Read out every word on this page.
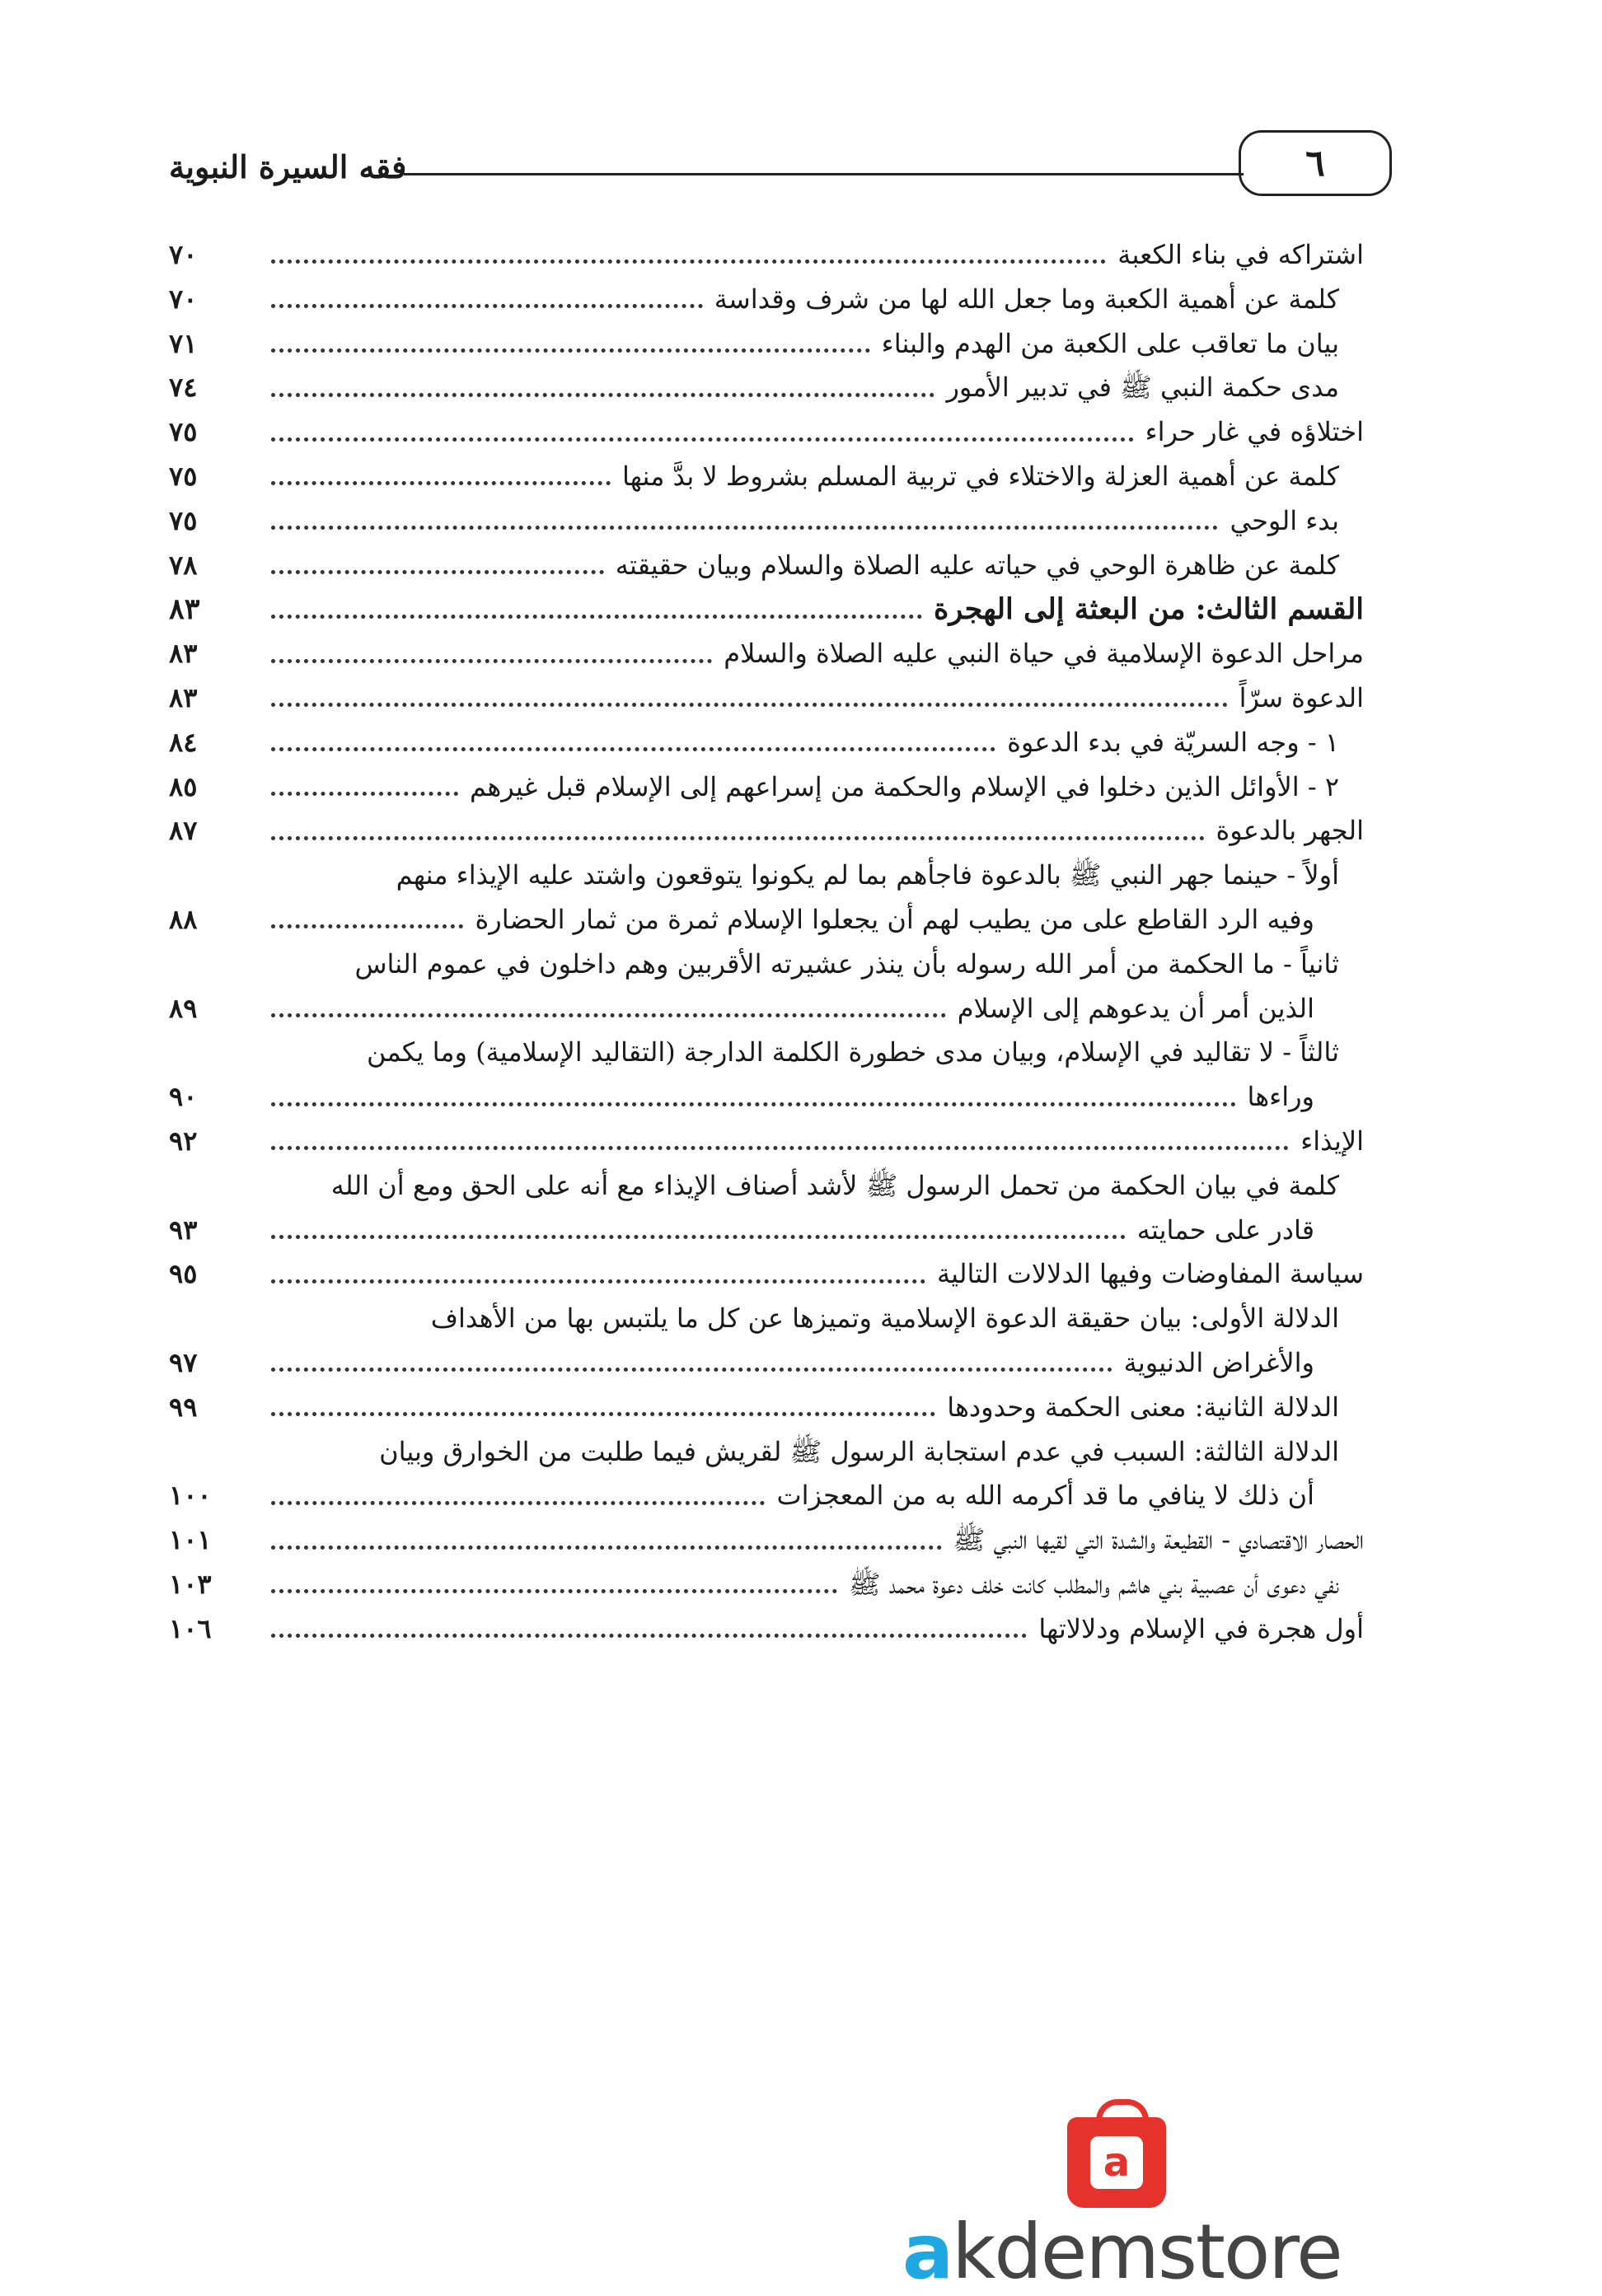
٦
فقه السيرة النبوية
اشتراكه في بناء الكعبة
٧٠
كلمة عن أهمية الكعبة وما جعل الله لها من شرف وقداسة
٧٠
بيان ما تعاقب على الكعبة من الهدم والبناء
٧١
مدى حكمة النبي ﷺ في تدبير الأمور
٧٤
اختلاؤه في غار حراء
٧٥
كلمة عن أهمية العزلة والاختلاء في تربية المسلم بشروط لا بدَّ منها
٧٥
بدء الوحي
٧٥
كلمة عن ظاهرة الوحي في حياته عليه الصلاة والسلام وبيان حقيقته
٧٨
القسم الثالث: من البعثة إلى الهجرة
٨٣
مراحل الدعوة الإسلامية في حياة النبي عليه الصلاة والسلام
٨٣
الدعوة سرّاً
٨٣
١ - وجه السريّة في بدء الدعوة
٨٤
٢ - الأوائل الذين دخلوا في الإسلام والحكمة من إسراعهم إلى الإسلام قبل غيرهم
٨٥
الجهر بالدعوة
٨٧
أولاً - حينما جهر النبي ﷺ بالدعوة فاجأهم بما لم يكونوا يتوقعون واشتد عليه الإيذاء منهم
وفيه الرد القاطع على من يطيب لهم أن يجعلوا الإسلام ثمرة من ثمار الحضارة
٨٨
ثانياً - ما الحكمة من أمر الله رسوله بأن ينذر عشيرته الأقربين وهم داخلون في عموم الناس
الذين أمر أن يدعوهم إلى الإسلام
٨٩
ثالثاً - لا تقاليد في الإسلام، وبيان مدى خطورة الكلمة الدارجة (التقاليد الإسلامية) وما يكمن
وراءها
٩٠
الإيذاء
٩٢
كلمة في بيان الحكمة من تحمل الرسول ﷺ لأشد أصناف الإيذاء مع أنه على الحق ومع أن الله
قادر على حمايته
٩٣
سياسة المفاوضات وفيها الدلالات التالية
٩٥
الدلالة الأولى: بيان حقيقة الدعوة الإسلامية وتميزها عن كل ما يلتبس بها من الأهداف
والأغراض الدنيوية
٩٧
الدلالة الثانية: معنى الحكمة وحدودها
٩٩
الدلالة الثالثة: السبب في عدم استجابة الرسول ﷺ لقريش فيما طلبت من الخوارق وبيان
أن ذلك لا ينافي ما قد أكرمه الله به من المعجزات
١٠٠
الحصار الاقتصادي - القطيعة والشدة التي لقيها النبي ﷺ
١٠١
نفي دعوى أن عصبية بني هاشم والمطلب كانت خلف دعوة محمد ﷺ
١٠٣
أول هجرة في الإسلام ودلالاتها
١٠٦
a
akdemstore
